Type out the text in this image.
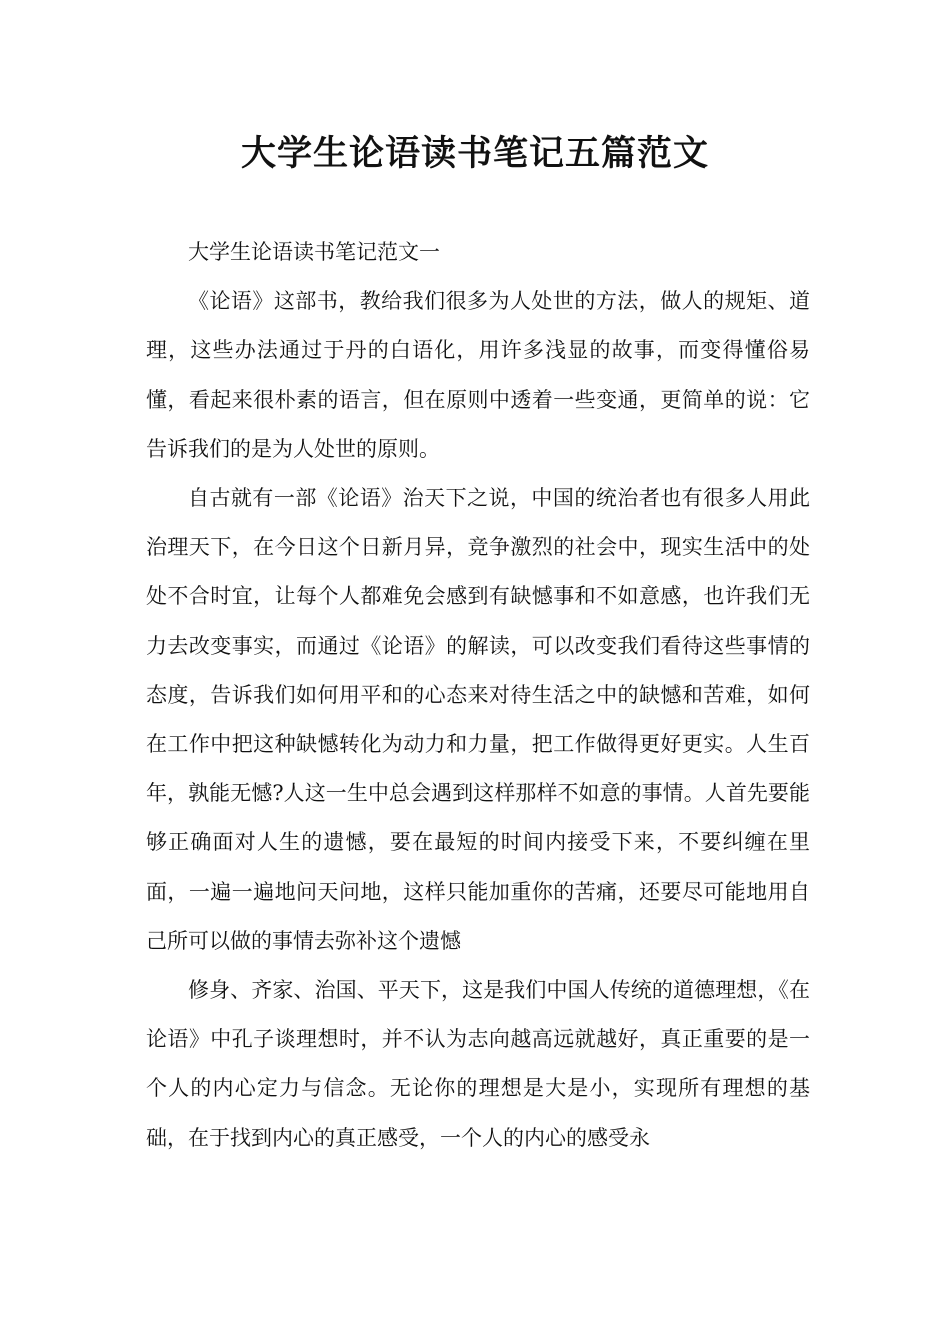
大学生论语读书笔记五篇范文

大学生论语读书笔记范文一

《论语》这部书，教给我们很多为人处世的方法，做人的规矩、道理，这些办法通过于丹的白语化，用许多浅显的故事，而变得懂俗易懂，看起来很朴素的语言，但在原则中透着一些变通，更简单的说：它告诉我们的是为人处世的原则。

自古就有一部《论语》治天下之说，中国的统治者也有很多人用此治理天下，在今日这个日新月异，竞争激烈的社会中，现实生活中的处处不合时宜，让每个人都难免会感到有缺憾事和不如意感，也许我们无力去改变事实，而通过《论语》的解读，可以改变我们看待这些事情的态度，告诉我们如何用平和的心态来对待生活之中的缺憾和苦难，如何在工作中把这种缺憾转化为动力和力量，把工作做得更好更实。人生百年，孰能无憾?人这一生中总会遇到这样那样不如意的事情。人首先要能够正确面对人生的遗憾，要在最短的时间内接受下来，不要纠缠在里面，一遍一遍地问天问地，这样只能加重你的苦痛，还要尽可能地用自己所可以做的事情去弥补这个遗憾

修身、齐家、治国、平天下，这是我们中国人传统的道德理想，《在论语》中孔子谈理想时，并不认为志向越高远就越好，真正重要的是一个人的内心定力与信念。无论你的理想是大是小，实现所有理想的基础，在于找到内心的真正感受，一个人的内心的感受永
